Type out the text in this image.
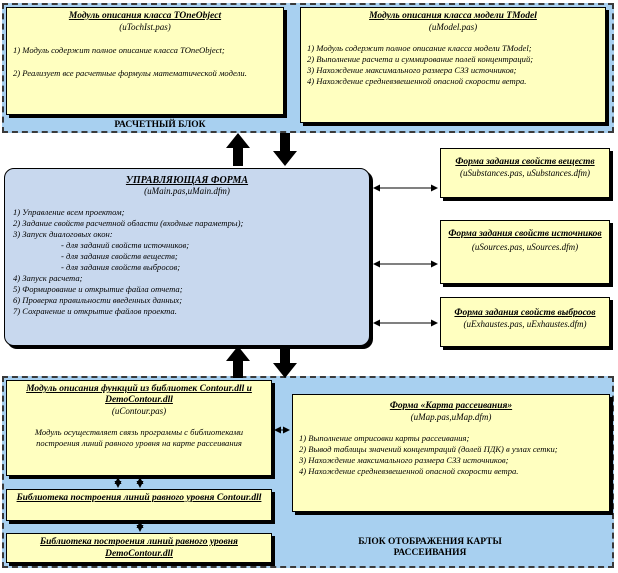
РАСЧЕТНЫЙ БЛОК
Модуль описания класса TOneObject
(uTochIst.pas)
1) Модуль содержит полное описание класса TOneObject;
2) Реализует все расчетные формулы математической модели.
Модуль описания класса модели TModel
(uModel.pas)
1) Модуль содержит полное описание класса модели TModel;
2) Выполнение расчета и суммирование полей концентраций;
3) Нахождение максимального размера СЗЗ источников;
4) Нахождение средневзвешенной опасной скорости ветра.
УПРАВЛЯЮЩАЯ ФОРМА
(uMain.pas,uMain.dfm)
1) Управление всем проектом;
2) Задание свойств расчетной области (входные параметры);
3) Запуск диалоговых окон:
- для заданий свойств источников;
- для задания свойств веществ;
- для задания свойств выбросов;
4) Запуск расчета;
5) Формирование и открытие файла отчета;
6) Проверка правильности введенных данных;
7) Сохранение и открытие файлов проекта.
Форма задания свойств веществ
(uSubstances.pas, uSubstances.dfm)
Форма задания свойств источников
(uSources.pas, uSources.dfm)
Форма задания свойств выбросов
(uExhaustes.pas, uExhaustes.dfm)
БЛОК ОТОБРАЖЕНИЯ КАРТЫ РАССЕИВАНИЯ
Модуль описания функций из библиотек Contour.dll и DemoContour.dll
(uContour.pas)
Модуль осуществляет связь программы с библиотеками построения линий равного уровня на карте рассеивания
Библиотека построения линий равного уровня Contour.dll
Библиотека построения линий равного уровня DemoContour.dll
Форма «Карта рассеивания»
(uMap.pas,uMap.dfm)
1) Выполнение отрисовки карты рассеивания;
2) Вывод таблицы значений концентраций (долей ПДК) в узлах сетки;
3) Нахождение максимального размера СЗЗ источников;
4) Нахождение средневзвешенной опасной скорости ветра.
